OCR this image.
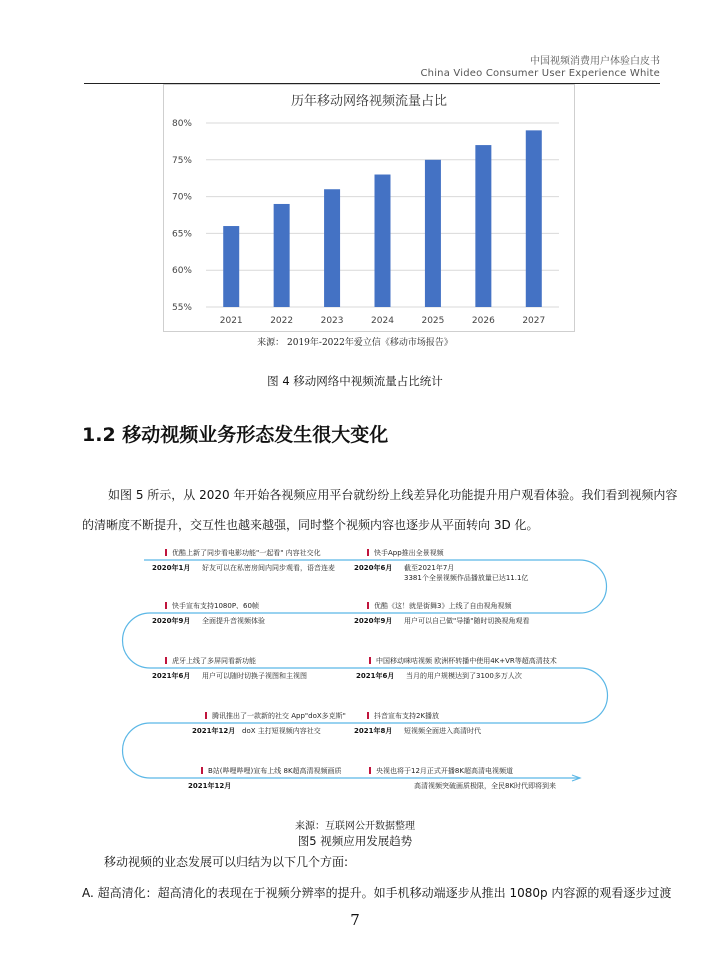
中国视频消费用户体验白皮书
China Video Consumer User Experience White
历年移动网络视频流量占比
55%
60%
65%
70%
75%
80%
2021	2022	2023	2024	2025	2026	2027
来源： 2019年-2022年爱立信《移动市场报告》
图 4 移动网络中视频流量占比统计
1.2 移动视频业务形态发生很大变化
如图 5 所示，从 2020 年开始各视频应用平台就纷纷上线差异化功能提升用户观看体验。我们看到视频内容
的清晰度不断提升，交互性也越来越强，同时整个视频内容也逐步从平面转向 3D 化。
优酷上新了同步看电影功能"一起看" 内容社交化
2020年1月 好友可以在私密房间内同步观看，语音连麦
快手App推出全景视频
2020年6月 截至2021年7月
3381个全景视频作品播放量已达11.1亿
快手宣布支持1080P、60帧
2020年9月 全面提升音视频体验
优酷《这！就是街舞3》上线了自由视角视频
2020年9月 用户可以自己做"导播"随时切换视角观看
虎牙上线了多屏同看新功能
2021年6月 用户可以随时切换子视图和主视图
中国移动咪咕视频 欧洲杯转播中使用4K+VR等超高清技术
2021年6月 当月的用户规模达到了3100多万人次
腾讯推出了一款新的社交 App"doX多克斯"
2021年12月 doX 主打短视频内容社交
抖音宣布支持2K播放
2021年8月 短视频全面进入高清时代
B站(哔哩哔哩)宣布上线 8K超高清视频画质
2021年12月
央视也将于12月正式开播8K超高清电视频道
高清视频突破画质极限，全民8K时代即将到来
来源：互联网公开数据整理
图5 视频应用发展趋势
移动视频的业态发展可以归结为以下几个方面:
A. 超高清化：超高清化的表现在于视频分辨率的提升。如手机移动端逐步从推出 1080p 内容源的观看逐步过渡
7
